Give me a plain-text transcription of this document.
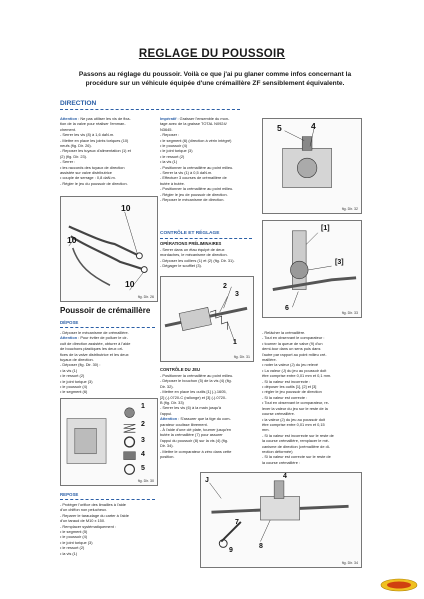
REGLAGE DU POUSSOIR
Passons au réglage du poussoir. Voilà ce que j'ai pu glaner comme infos concernant la
procédure sur un véhicule équipée d'une crémaillère ZF sensiblement équivalente.
DIRECTION
Attention : Ne pas utiliser les vis de fixa-
tion de la valve pour réaliser l'emman-
chement.
- Serrer les vis (8) à 1,6 daN.m.
- Mettre en place les joints toriques (10)
neufs (fig. Dir. 26).
- Reposer les tuyaux d'alimentation (1) et
(2) (fig. Dir. 23).
- Serrer :
• les raccords des tuyaux de direction
assistée sur valve distributrice
• couple de serrage : 0,8 daN.m.
- Régler le jeu du poussoir de direction.
Impératif : Graisser l'ensemble du mon-
tage avec de la graisse TOTAL N0924/
N3645.
- Reposer :
• le segment (6) (direction à vérin intégré)
• le poussoir (4)
• le joint torique (3)
• le ressort (2)
• la vis (1)
- Positionner la crémaillère au point milieu.
- Serrer la vis (1) à 0,5 daN.m.
- Effectuer 3 courses de crémaillère de
butée à butée.
- Positionner la crémaillère au point milieu.
- Régler le jeu de poussoir de direction.
- Reposer le mécanisme de direction.
10
10
10
fig. Dir. 26
Poussoir de crémaillère
DÉPOSE
- Déposer le mécanisme de crémaillère.
Attention : Pour éviter de polluer le cir-
cuit de direction assistée, obturer à l'aide
de bouchons plastiques les deux ori-
fices de la valve distributrice et les deux
tuyaux de direction.
- Déposer (fig. Dir. 30) :
• la vis (1)
• le ressort (2)
• le joint torique (3)
• le poussoir (4)
• le segment (6)
1
2
3
4
5
fig. Dir. 30
REPOSE
- Protéger l'orifice des limailles à l'aide
d'un chiffon non pelucheux.
- Reparer le taraudage du carter à l'aide
d'un taraud de M10 x 150.
- Remplacer systématiquement :
• le segment (5)
• le poussoir (4)
• le joint torique (3)
• le ressort (2)
• la vis (1)
CONTRÔLE ET RÉGLAGE
OPÉRATIONS PRÉLIMINAIRES
- Serrer dans un étau équipé de deux
mordaches, le mécanisme de direction.
- Déposer les colliers (1) et (2) (fig. Dir. 31).
- Dégager le soufflet (3).
2
3
1
fig. Dir. 31
CONTRÔLE DU JEU
- Positionner la crémaillère au point milieu.
- Déposer le bouchon (5) de la vis (4) (fig.
Dir. 32).
- Mettre en place les outils [1] (-).1605,
[2] (-).0720-C (rallonge) et [3] (-).0720-
B (fig. Dir. 33)
- Serrer les vis (6) à la main jusqu'à
l'appui.
Attention : S'assurer que la tige du com-
parateur coulisse librement.
- À l'aide d'une clé plate, tourner jusqu'en
butée la crémaillère (7) pour assurer
l'appui du poussoir (8) sur la vis (4) (fig.
Dir. 34).
- Mettre le comparateur à zéro dans cette
position.
5	4
fig. Dir. 32
[1]
[3]
6
fig. Dir. 33
- Relâcher la crémaillère.
- Tout en observant le comparateur :
• tourner la queue de valve (9) d'un
demi-tour dans un sens puis dans
l'autre par rapport au point milieu cré-
maillère.
• noter la valeur (J) du jeu relevé
• La valeur (J) du jeu au poussoir doit
être comprise entre 0,01 mm et 0,1 mm.
- Si la valeur est incorrecte :
• déposer les outils [1], [2] et [3]
• régler le jeu poussoir de direction
- Si la valeur est correcte :
• Tout en observant le comparateur, re-
lever la valeur du jeu sur le reste de la
course crémaillère.
• la valeur (J) du jeu au poussoir doit
être comprise entre 0,01 mm et 0,15
mm.
- Si la valeur est incorrecte sur le reste de
la course crémaillère, remplacer le mé-
canisme de direction (crémaillère de di-
rection déformée)
- Si la valeur est correcte sur le reste de
la course crémaillère :
J
4
7
8
9
fig. Dir. 34
